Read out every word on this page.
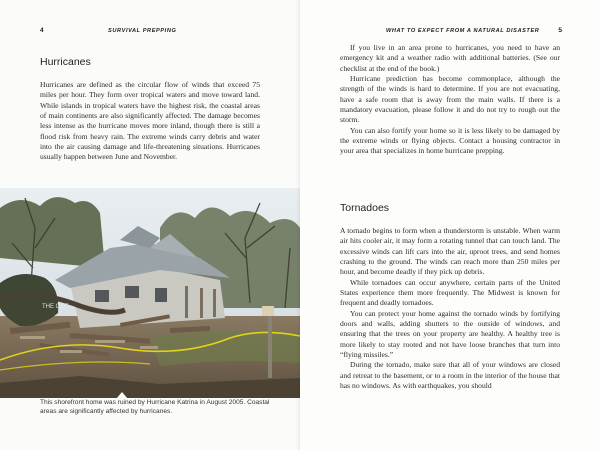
4	SURVIVAL PREPPING
Hurricanes

Hurricanes are defined as the circular flow of winds that exceed 75 miles per hour. They form over tropical waters and move toward land. While islands in tropical waters have the highest risk, the coastal areas of main continents are also significantly affected. The damage becomes less intense as the hurricane moves more inland, though there is still a flood risk from heavy rain. The extreme winds carry debris and water into the air causing damage and life-threatening situations. Hurricanes usually happen between June and November.

THE OUT
This shorefront home was ruined by Hurricane Katrina in August 2005. Coastal areas are significantly affected by hurricanes.
WHAT TO EXPECT FROM A NATURAL DISASTER	5

If you live in an area prone to hurricanes, you need to have an emergency kit and a weather radio with additional batteries. (See our checklist at the end of the book.)

Hurricane prediction has become commonplace, although the strength of the winds is hard to determine. If you are not evacuating, have a safe room that is away from the main walls. If there is a mandatory evacuation, please follow it and do not try to rough out the storm.

You can also fortify your home so it is less likely to be damaged by the extreme winds or flying objects. Contact a housing contractor in your area that specializes in home hurricane prepping.

Tornadoes

A tornado begins to form when a thunderstorm is unstable. When warm air hits cooler air, it may form a rotating tunnel that can touch land. The excessive winds can lift cars into the air, uproot trees, and send homes crashing to the ground. The winds can reach more than 250 miles per hour, and become deadly if they pick up debris.

While tornadoes can occur anywhere, certain parts of the United States experience them more frequently. The Midwest is known for frequent and deadly tornadoes.

You can protect your home against the tornado winds by fortifying doors and walls, adding shutters to the outside of windows, and ensuring that the trees on your property are healthy. A healthy tree is more likely to stay rooted and not have loose branches that turn into “flying missiles.”

During the tornado, make sure that all of your windows are closed and retreat to the basement, or to a room in the interior of the house that has no windows. As with earthquakes, you should
